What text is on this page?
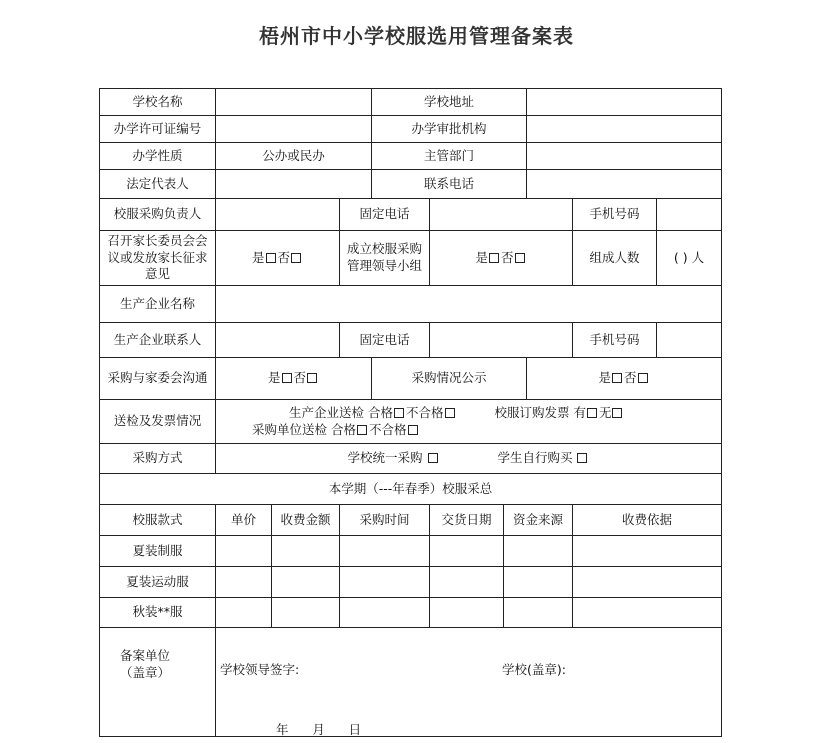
梧州市中小学校服选用管理备案表
学校名称				学校地址					
办学许可证编号				办学审批机构					
办学性质	公办或民办			主管部门					
法定代表人				联系电话					
校服采购负责人			固定电话					手机号码	
召开家长委员会会议或发放家长征求意见	是 否		成立校服采购管理领导小组		是 否			组成人数	( ) 人
生产企业名称									
生产企业联系人			固定电话					手机号码	
采购与家委会沟通	是 否			采购情况公示			是 否		
送检及发票情况	生产企业送检 合格 不合格 校服订购发票 有 无
采购单位送检 合格 不合格								

采购方式	学校统一采购 学生自行购买								
本学期（---年春季）校服采总									
校服款式	单价	收费金额	采购时间		交货日期	资金来源		收费依据	
夏装制服									
夏装运动服									
秋装**服									

备案单位（盖章）	学校领导签字: 学校(盖章):
年      月      日								
